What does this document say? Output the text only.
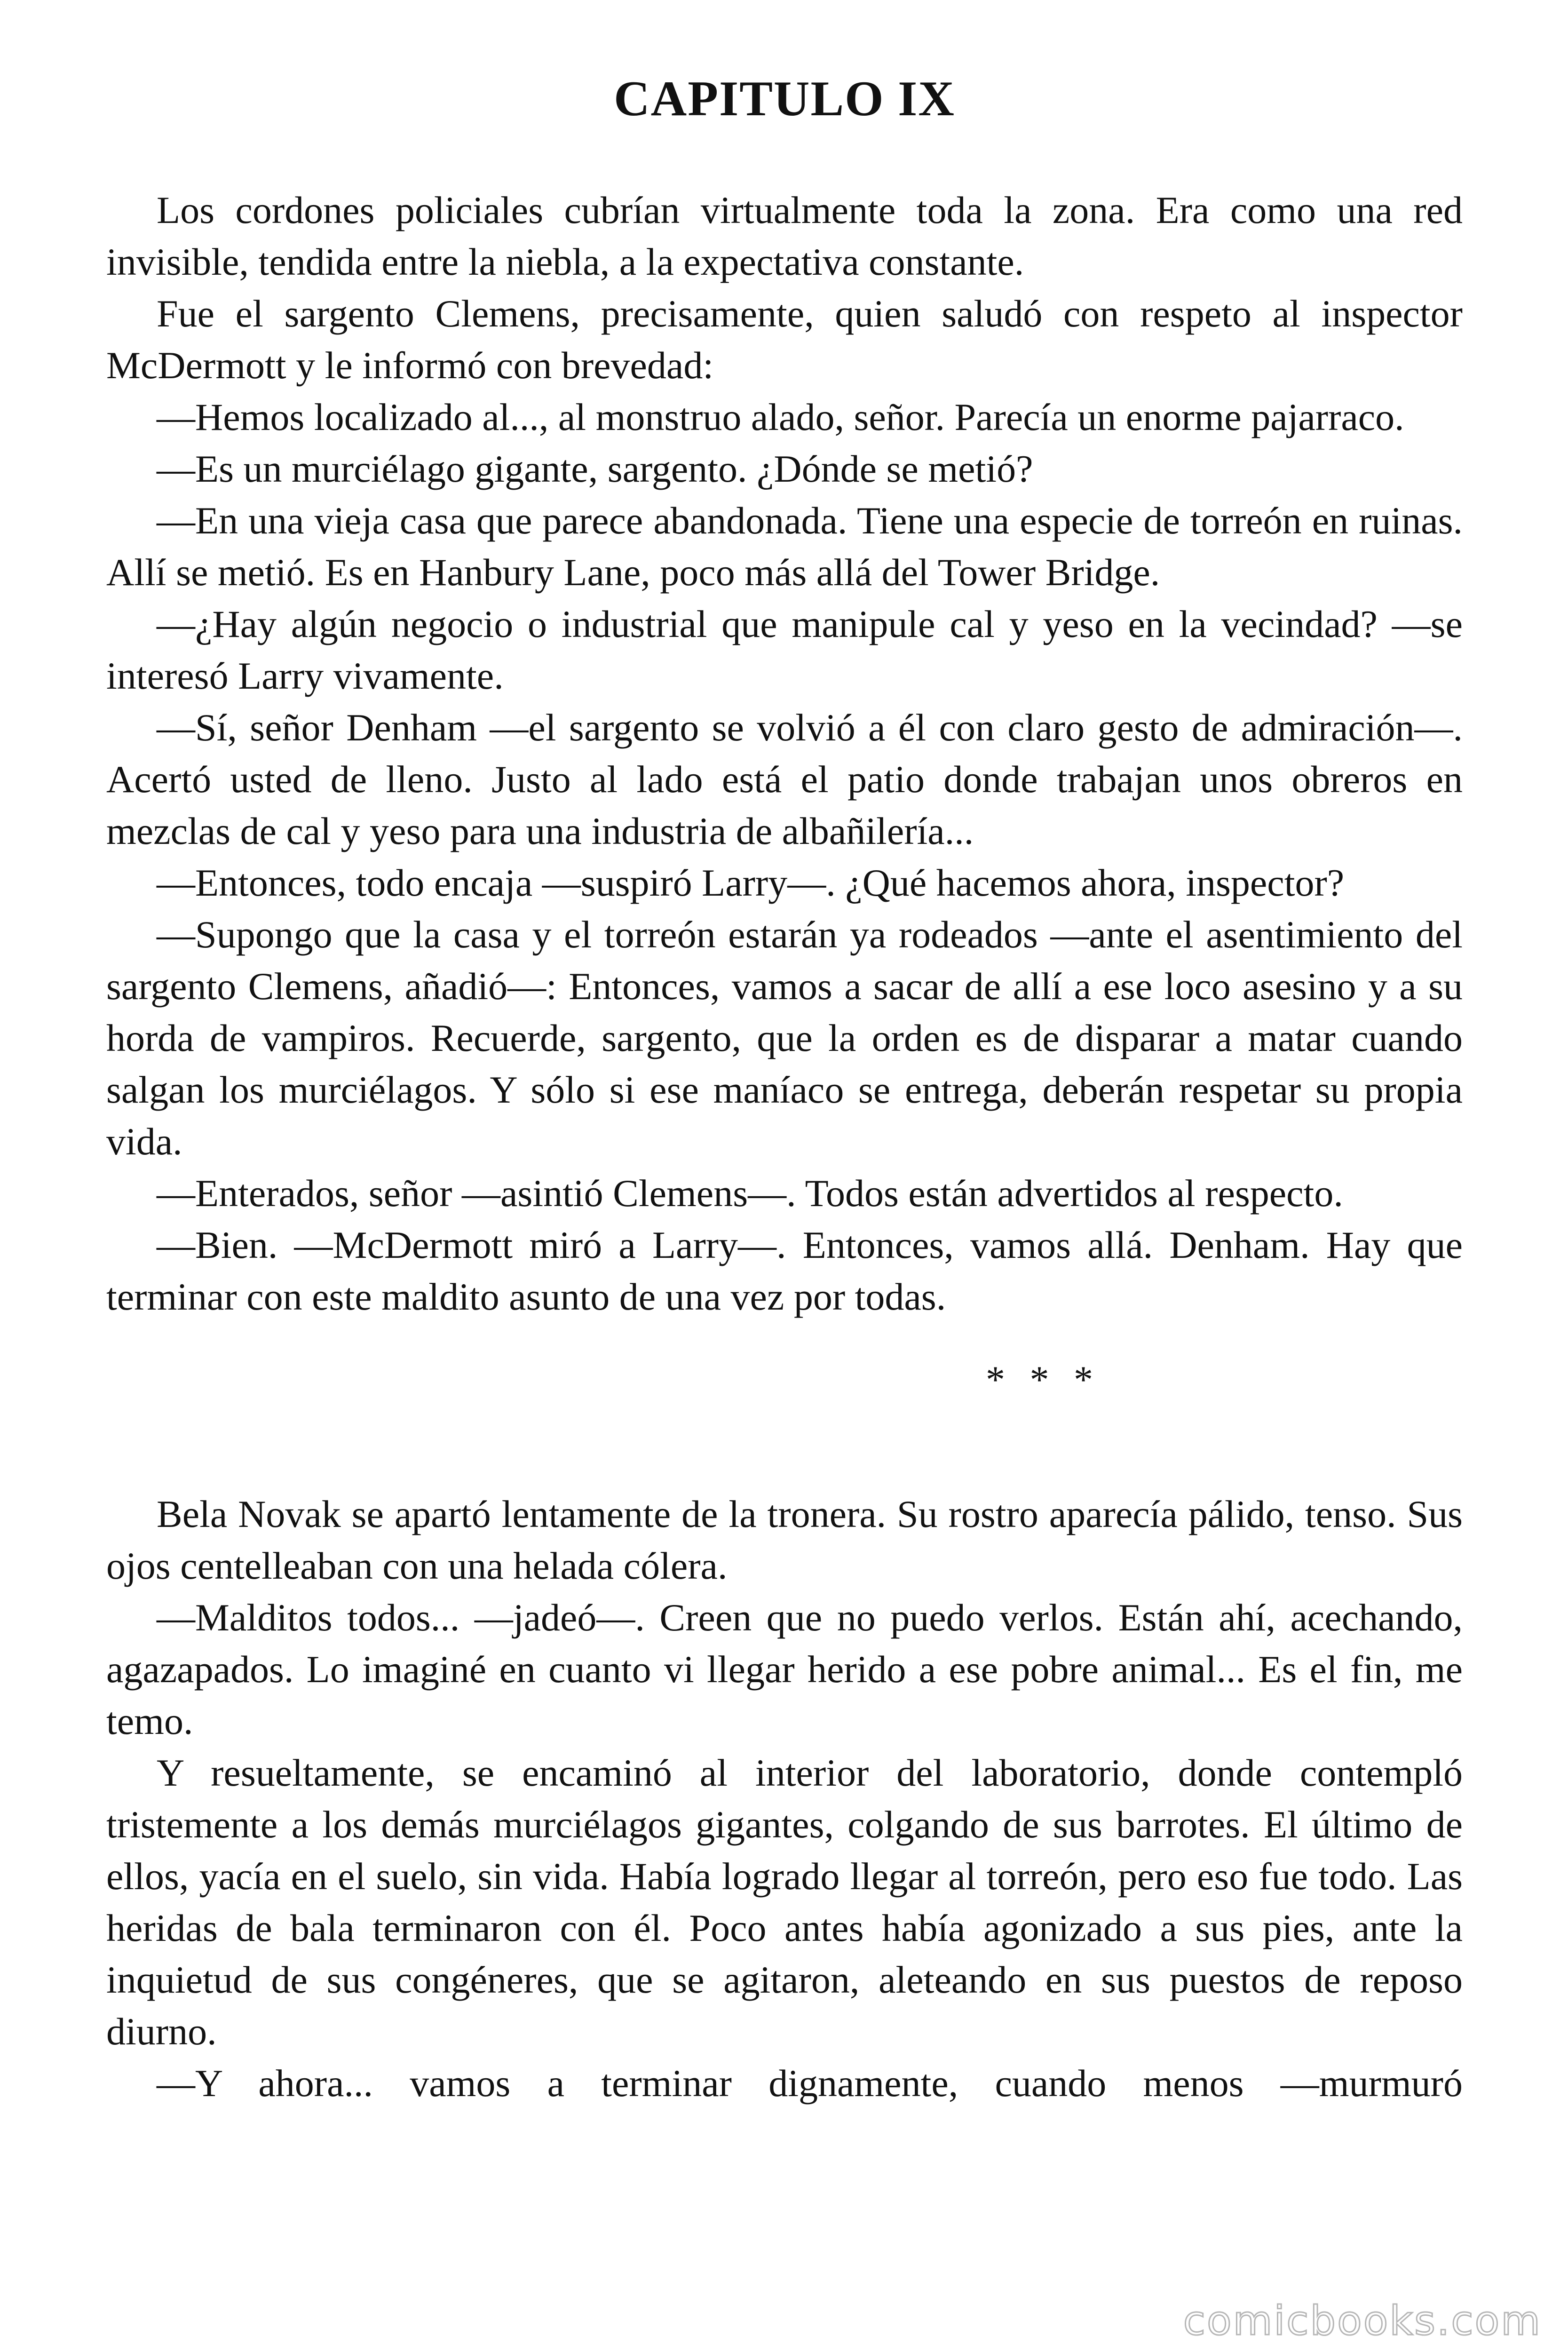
CAPITULO IX

Los cordones policiales cubrían virtualmente toda la zona. Era como una red invisible, tendida entre la niebla, a la expectativa constante.

Fue el sargento Clemens, precisamente, quien saludó con respeto al inspector McDermott y le informó con brevedad:

—Hemos localizado al..., al monstruo alado, señor. Parecía un enorme pajarraco.

—Es un murciélago gigante, sargento. ¿Dónde se metió?

—En una vieja casa que parece abandonada. Tiene una especie de torreón en ruinas. Allí se metió. Es en Hanbury Lane, poco más allá del Tower Bridge.

—¿Hay algún negocio o industrial que manipule cal y yeso en la vecindad? —se interesó Larry vivamente.

—Sí, señor Denham —el sargento se volvió a él con claro gesto de admiración—. Acertó usted de lleno. Justo al lado está el patio donde trabajan unos obreros en mezclas de cal y yeso para una industria de albañilería...

—Entonces, todo encaja —suspiró Larry—. ¿Qué hacemos ahora, inspector?

—Supongo que la casa y el torreón estarán ya rodeados —ante el asentimiento del sargento Clemens, añadió—: Entonces, vamos a sacar de allí a ese loco asesino y a su horda de vampiros. Recuerde, sargento, que la orden es de disparar a matar cuando salgan los murciélagos. Y sólo si ese maníaco se entrega, deberán respetar su propia vida.

—Enterados, señor —asintió Clemens—. Todos están advertidos al respecto.

—Bien. —McDermott miró a Larry—. Entonces, vamos allá. Denham. Hay que terminar con este maldito asunto de una vez por todas.

* * *

Bela Novak se apartó lentamente de la tronera. Su rostro aparecía pálido, tenso. Sus ojos centelleaban con una helada cólera.

—Malditos todos... —jadeó—. Creen que no puedo verlos. Están ahí, acechando, agazapados. Lo imaginé en cuanto vi llegar herido a ese pobre animal... Es el fin, me temo.

Y resueltamente, se encaminó al interior del laboratorio, donde contempló tristemente a los demás murciélagos gigantes, colgando de sus barrotes. El último de ellos, yacía en el suelo, sin vida. Había logrado llegar al torreón, pero eso fue todo. Las heridas de bala terminaron con él. Poco antes había agonizado a sus pies, ante la inquietud de sus congéneres, que se agitaron, aleteando en sus puestos de reposo diurno.

—Y ahora... vamos a terminar dignamente, cuando menos —murmuró

comicbooks.com
